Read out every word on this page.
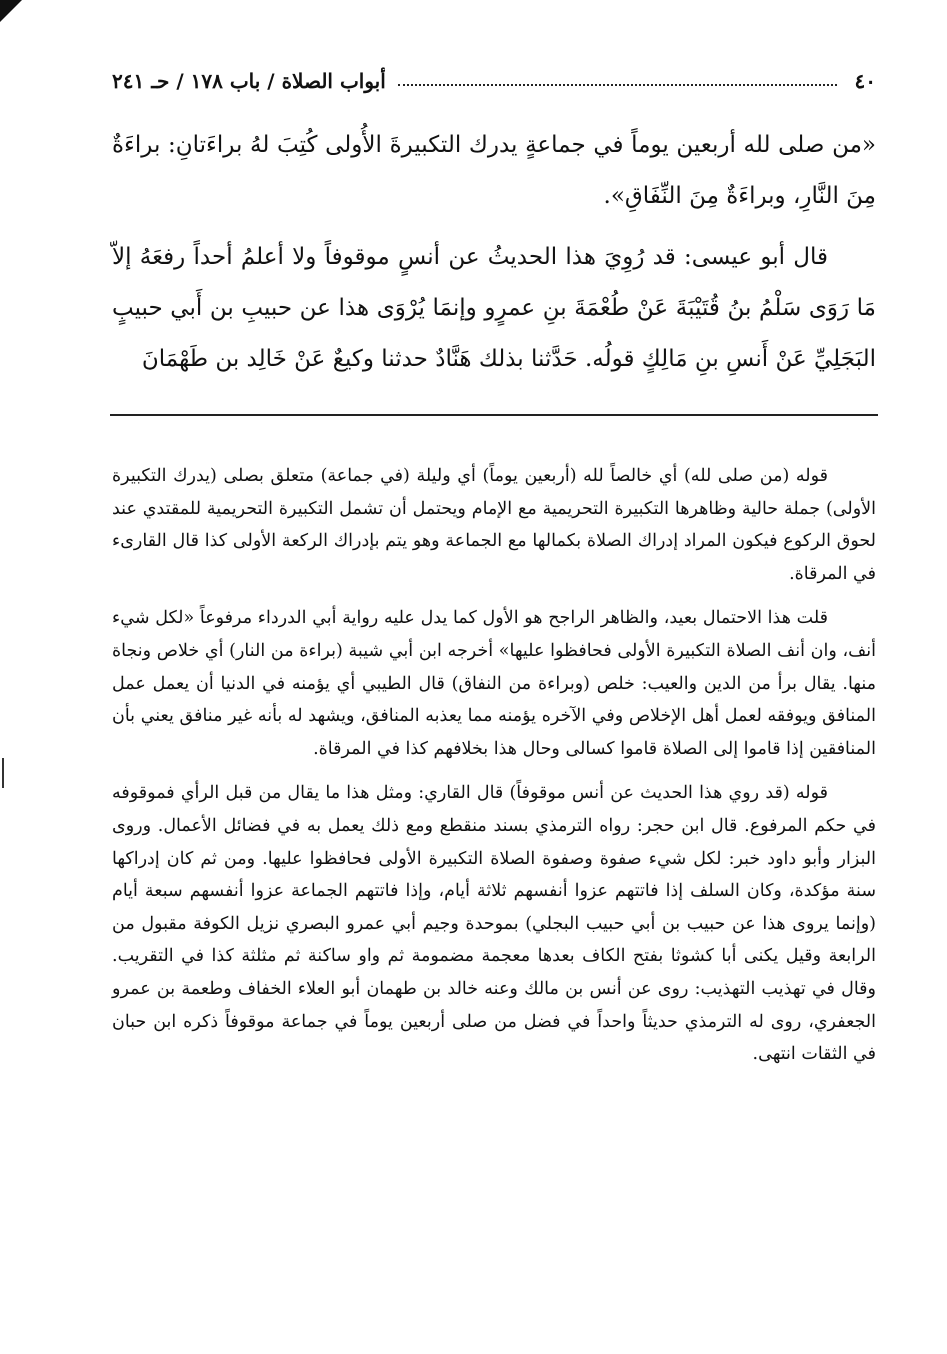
٤٠
أبواب الصلاة / باب ١٧٨ / حـ ٢٤١

«من صلى لله أربعين يوماً في جماعةٍ يدرك التكبيرةَ الأُولى كُتِبَ لهُ براءَتانِ: براءَةٌ مِنَ النَّارِ، وبراءَةٌ مِنَ النِّفَاقِ».

قال أبو عيسى: قد رُوِيَ هذا الحديثُ عن أنسٍ موقوفاً ولا أعلمُ أحداً رفعَهُ إلاّ مَا رَوَى سَلْمُ بنُ قُتَيْبَةَ عَنْ طُعْمَةَ بنِ عمرٍو وإنمَا يُرْوَى هذا عن حبيبِ بن أَبي حبيبٍ البَجَلِيِّ عَنْ أَنسِ بنِ مَالِكٍ قولُه. حَدَّثنا بذلك هَنَّادٌ حدثنا وكيعٌ عَنْ خَالِد بن طَهْمَانَ

قوله (من صلى لله) أي خالصاً لله (أربعين يوماً) أي وليلة (في جماعة) متعلق بصلى (يدرك التكبيرة الأولى) جملة حالية وظاهرها التكبيرة التحريمية مع الإمام ويحتمل أن تشمل التكبيرة التحريمية للمقتدي عند لحوق الركوع فيكون المراد إدراك الصلاة بكمالها مع الجماعة وهو يتم بإدراك الركعة الأولى كذا قال القارىء في المرقاة.

قلت هذا الاحتمال بعيد، والظاهر الراجح هو الأول كما يدل عليه رواية أبي الدرداء مرفوعاً «لكل شيء أنف، وان أنف الصلاة التكبيرة الأولى فحافظوا عليها» أخرجه ابن أبي شيبة (براءة من النار) أي خلاص ونجاة منها. يقال برأ من الدين والعيب: خلص (وبراءة من النفاق) قال الطيبي أي يؤمنه في الدنيا أن يعمل عمل المنافق ويوفقه لعمل أهل الإخلاص وفي الآخره يؤمنه مما يعذبه المنافق، ويشهد له بأنه غير منافق يعني بأن المنافقين إذا قاموا إلى الصلاة قاموا كسالى وحال هذا بخلافهم كذا في المرقاة.

قوله (قد روي هذا الحديث عن أنس موقوفاً) قال القاري: ومثل هذا ما يقال من قبل الرأي فموقوفه في حكم المرفوع. قال ابن حجر: رواه الترمذي بسند منقطع ومع ذلك يعمل به في فضائل الأعمال. وروى البزار وأبو داود خبر: لكل شيء صفوة وصفوة الصلاة التكبيرة الأولى فحافظوا عليها. ومن ثم كان إدراكها سنة مؤكدة، وكان السلف إذا فاتتهم عزوا أنفسهم ثلاثة أيام، وإذا فاتتهم الجماعة عزوا أنفسهم سبعة أيام (وإنما يروى هذا عن حبيب بن أبي حبيب البجلي) بموحدة وجيم أبي عمرو البصري نزيل الكوفة مقبول من الرابعة وقيل يكنى أبا كشوثا بفتح الكاف بعدها معجمة مضمومة ثم واو ساكنة ثم مثلثة كذا في التقريب. وقال في تهذيب التهذيب: روى عن أنس بن مالك وعنه خالد بن طهمان أبو العلاء الخفاف وطعمة بن عمرو الجعفري، روى له الترمذي حديثاً واحداً في فضل من صلى أربعين يوماً في جماعة موقوفاً ذكره ابن حبان في الثقات انتهى.
